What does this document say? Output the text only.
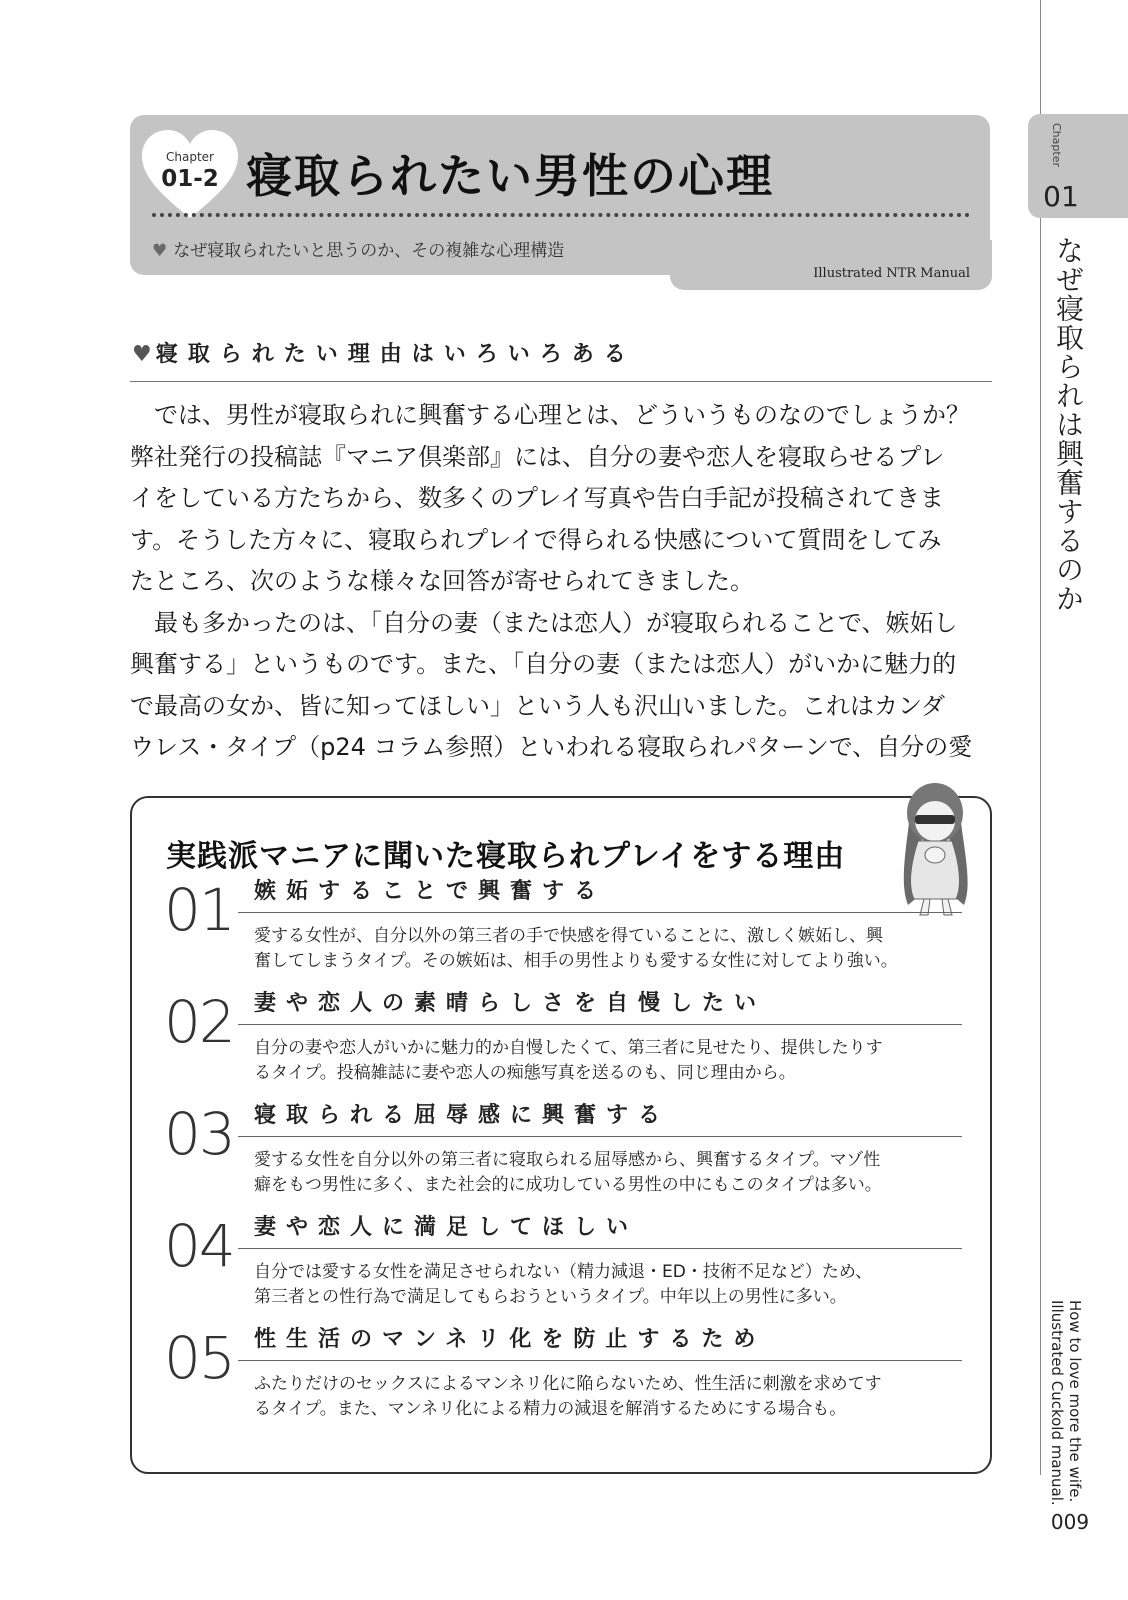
Chapter
01-2 寝取られたい男性の心理
♥ なぜ寝取られたいと思うのか、その複雑な心理構造
Illustrated NTR Manual
♥寝取られたい理由はいろいろある
　では、男性が寝取られに興奮する心理とは、どういうものなのでしょうか？
弊社発行の投稿誌『マニア倶楽部』には、自分の妻や恋人を寝取らせるプレ
イをしている方たちから、数多くのプレイ写真や告白手記が投稿されてきま
す。そうした方々に、寝取られプレイで得られる快感について質問をしてみ
たところ、次のような様々な回答が寄せられてきました。
　最も多かったのは、「自分の妻（または恋人）が寝取られることで、嫉妬し
興奮する」というものです。また、「自分の妻（または恋人）がいかに魅力的
で最高の女か、皆に知ってほしい」という人も沢山いました。これはカンダ
ウレス・タイプ（p24 コラム参照）といわれる寝取られパターンで、自分の愛
実践派マニアに聞いた寝取られプレイをする理由
01 嫉妬することで興奮する
愛する女性が、自分以外の第三者の手で快感を得ていることに、激しく嫉妬し、興
奮してしまうタイプ。その嫉妬は、相手の男性よりも愛する女性に対してより強い。
02 妻や恋人の素晴らしさを自慢したい
自分の妻や恋人がいかに魅力的か自慢したくて、第三者に見せたり、提供したりす
るタイプ。投稿雑誌に妻や恋人の痴態写真を送るのも、同じ理由から。
03 寝取られる屈辱感に興奮する
愛する女性を自分以外の第三者に寝取られる屈辱感から、興奮するタイプ。マゾ性
癖をもつ男性に多く、また社会的に成功している男性の中にもこのタイプは多い。
04 妻や恋人に満足してほしい
自分では愛する女性を満足させられない（精力減退・ED・技術不足など）ため、
第三者との性行為で満足してもらおうというタイプ。中年以上の男性に多い。
05 性生活のマンネリ化を防止するため
ふたりだけのセックスによるマンネリ化に陥らないため、性生活に刺激を求めてす
るタイプ。また、マンネリ化による精力の減退を解消するためにする場合も。
Chapter
01
なぜ寝取られは興奮するのか
How to love more the wife.
Illustrated Cuckold manual.
009
